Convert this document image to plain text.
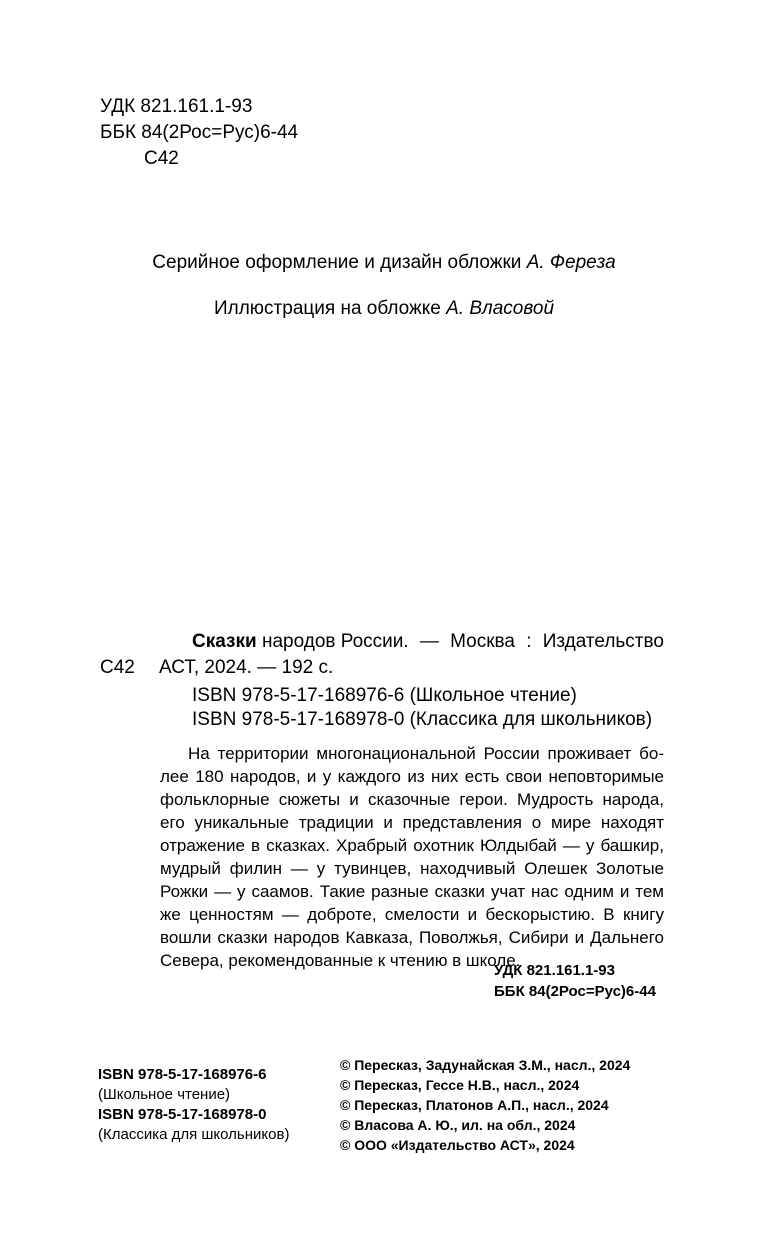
УДК 821.161.1-93
ББК 84(2Рос=Рус)6-44
С42
Серийное оформление и дизайн обложки А. Фереза
Иллюстрация на обложке А. Власовой
Сказки народов России. — Москва : Издательство
АСТ, 2024. — 192 с.
С42
ISBN 978-5-17-168976-6 (Школьное чтение)
ISBN 978-5-17-168978-0 (Классика для школьников)
На территории многонациональной России проживает бо-
лее 180 народов, и у каждого из них есть свои неповторимые
фольклорные сюжеты и сказочные герои. Мудрость народа,
его уникальные традиции и представления о мире находят
отражение в сказках. Храбрый охотник Юлдыбай — у башкир,
мудрый филин — у тувинцев, находчивый Олешек Золотые
Рожки — у саамов. Такие разные сказки учат нас одним и тем
же ценностям — доброте, смелости и бескорыстию. В книгу
вошли сказки народов Кавказа, Поволжья, Сибири и Дальнего
Севера, рекомендованные к чтению в школе.
УДК 821.161.1-93
ББК 84(2Рос=Рус)6-44
ISBN 978-5-17-168976-6
(Школьное чтение)
ISBN 978-5-17-168978-0
(Классика для школьников)
© Пересказ, Задунайская З.М., насл., 2024
© Пересказ, Гессе Н.В., насл., 2024
© Пересказ, Платонов А.П., насл., 2024
© Власова А. Ю., ил. на обл., 2024
© ООО «Издательство АСТ», 2024
